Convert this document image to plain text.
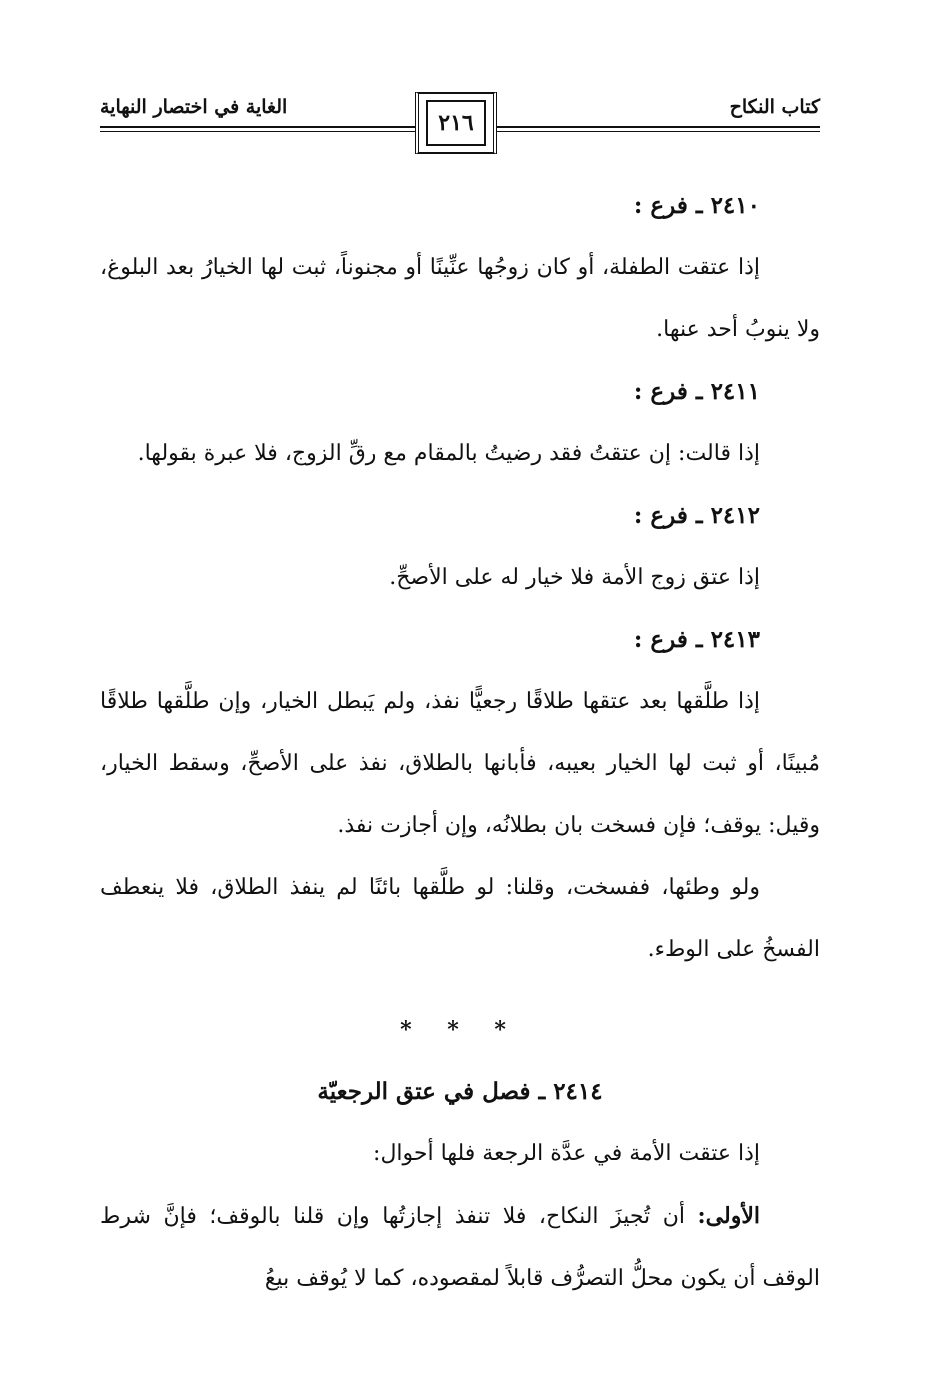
كتاب النكاح
الغاية في اختصار النهاية
٢١٦

٢٤١٠ ـ فرع :

إذا عتقت الطفلة، أو كان زوجُها عنِّينًا أو مجنوناً، ثبت لها الخيارُ بعد البلوغ، ولا ينوبُ أحد عنها.

٢٤١١ ـ فرع :

إذا قالت: إن عتقتُ فقد رضيتُ بالمقام مع رقِّ الزوج، فلا عبرة بقولها.

٢٤١٢ ـ فرع :

إذا عتق زوج الأمة فلا خيار له على الأصحِّ.

٢٤١٣ ـ فرع :

إذا طلَّقها بعد عتقها طلاقًا رجعيًّا نفذ، ولم يَبطل الخيار، وإن طلَّقها طلاقًا مُبينًا، أو ثبت لها الخيار بعيبه، فأبانها بالطلاق، نفذ على الأصحِّ، وسقط الخيار، وقيل: يوقف؛ فإن فسخت بان بطلانُه، وإن أجازت نفذ.

ولو وطئها، ففسخت، وقلنا: لو طلَّقها بائنًا لم ينفذ الطلاق، فلا ينعطف الفسخُ على الوطء.

* * *

٢٤١٤ ـ فصل في عتق الرجعيّة

إذا عتقت الأمة في عدَّة الرجعة فلها أحوال:

الأولى: أن تُجيزَ النكاح، فلا تنفذ إجازتُها وإن قلنا بالوقف؛ فإنَّ شرط الوقف أن يكون محلُّ التصرُّف قابلاً لمقصوده، كما لا يُوقف بيعُ
